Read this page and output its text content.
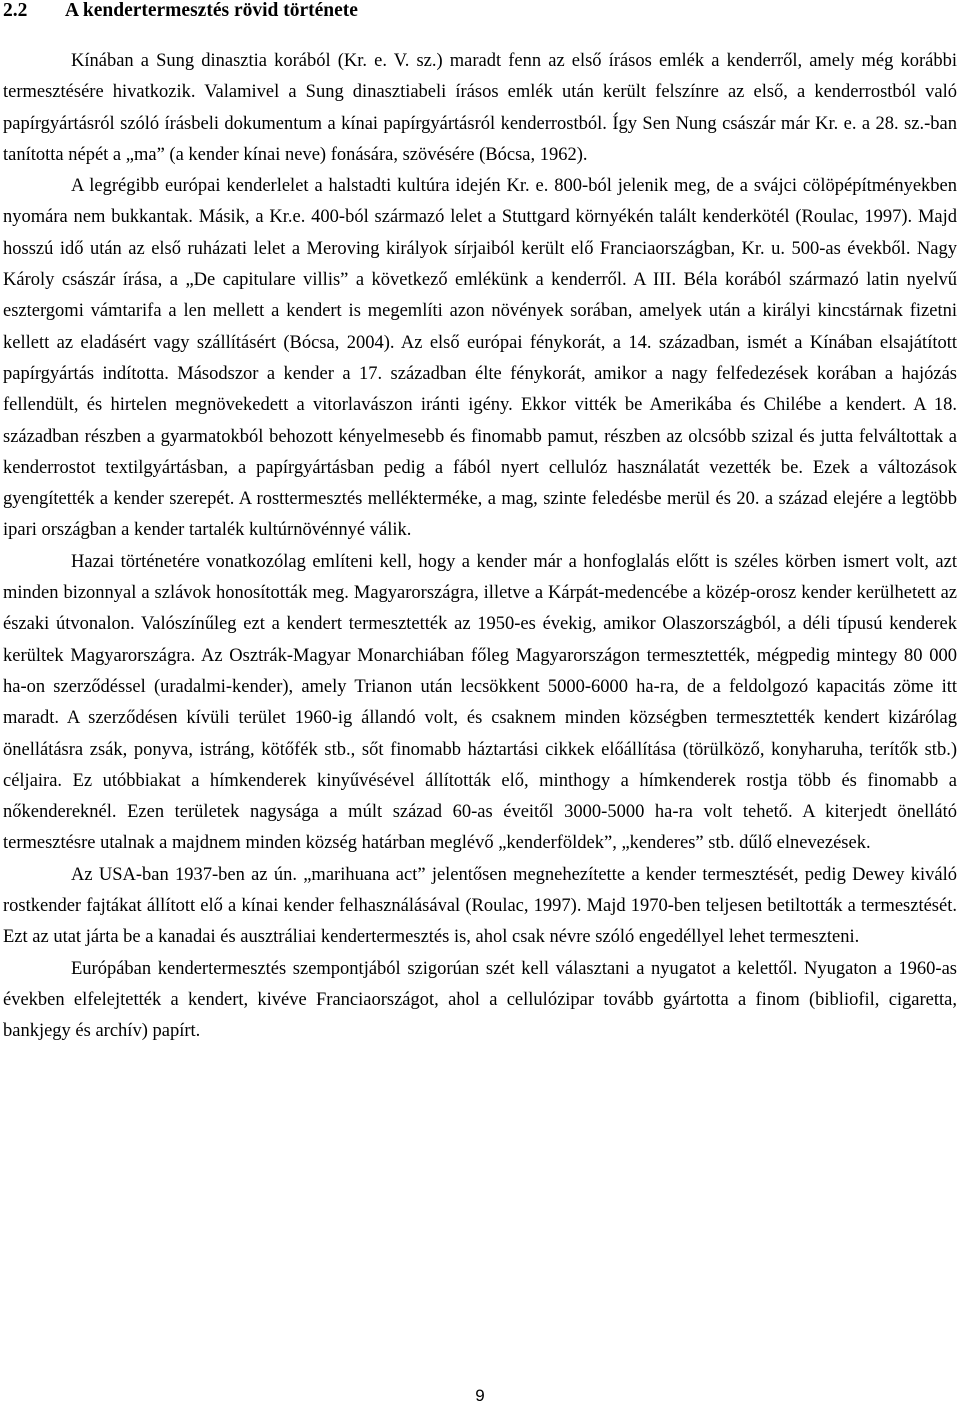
2.2 A kendertermesztés rövid története

Kínában a Sung dinasztia korából (Kr. e. V. sz.) maradt fenn az első írásos emlék a kenderről, amely még korábbi termesztésére hivatkozik. Valamivel a Sung dinasztiabeli írásos emlék után került felszínre az első, a kenderrostból való papírgyártásról szóló írásbeli dokumentum a kínai papírgyártásról kenderrostból. Így Sen Nung császár már Kr. e. a 28. sz.-ban tanította népét a „ma” (a kender kínai neve) fonására, szövésére (Bócsa, 1962).

A legrégibb európai kenderlelet a halstadti kultúra idején Kr. e. 800-ból jelenik meg, de a svájci cölöpépítményekben nyomára nem bukkantak. Másik, a Kr.e. 400-ból származó lelet a Stuttgard környékén talált kenderkötél (Roulac, 1997). Majd hosszú idő után az első ruházati lelet a Meroving királyok sírjaiból került elő Franciaországban, Kr. u. 500-as évekből. Nagy Károly császár írása, a „De capitulare villis” a következő emlékünk a kenderről. A III. Béla korából származó latin nyelvű esztergomi vámtarifa a len mellett a kendert is megemlíti azon növények sorában, amelyek után a királyi kincstárnak fizetni kellett az eladásért vagy szállításért (Bócsa, 2004). Az első európai fénykorát, a 14. században, ismét a Kínában elsajátított papírgyártás indította. Másodszor a kender a 17. században élte fénykorát, amikor a nagy felfedezések korában a hajózás fellendült, és hirtelen megnövekedett a vitorlavászon iránti igény. Ekkor vitték be Amerikába és Chilébe a kendert. A 18. században részben a gyarmatokból behozott kényelmesebb és finomabb pamut, részben az olcsóbb szizal és jutta felváltottak a kenderrostot textilgyártásban, a papírgyártásban pedig a fából nyert cellulóz használatát vezették be. Ezek a változások gyengítették a kender szerepét. A rosttermesztés mellékterméke, a mag, szinte feledésbe merül és 20. a század elejére a legtöbb ipari országban a kender tartalék kultúrnövénnyé válik.

Hazai történetére vonatkozólag említeni kell, hogy a kender már a honfoglalás előtt is széles körben ismert volt, azt minden bizonnyal a szlávok honosították meg. Magyarországra, illetve a Kárpát-medencébe a közép-orosz kender kerülhetett az északi útvonalon. Valószínűleg ezt a kendert termesztették az 1950-es évekig, amikor Olaszországból, a déli típusú kenderek kerültek Magyarországra. Az Osztrák-Magyar Monarchiában főleg Magyarországon termesztették, mégpedig mintegy 80 000 ha-on szerződéssel (uradalmi-kender), amely Trianon után lecsökkent 5000-6000 ha-ra, de a feldolgozó kapacitás zöme itt maradt. A szerződésen kívüli terület 1960-ig állandó volt, és csaknem minden községben termesztették kendert kizárólag önellátásra zsák, ponyva, istráng, kötőfék stb., sőt finomabb háztartási cikkek előállítása (törülköző, konyharuha, terítők stb.) céljaira. Ez utóbbiakat a hímkenderek kinyűvésével állították elő, minthogy a hímkenderek rostja több és finomabb a nőkendereknél. Ezen területek nagysága a múlt század 60-as éveitől 3000-5000 ha-ra volt tehető. A kiterjedt önellátó termesztésre utalnak a majdnem minden község határban meglévő „kenderföldek”, „kenderes” stb. dűlő elnevezések.

Az USA-ban 1937-ben az ún. „marihuana act” jelentősen megnehezítette a kender termesztését, pedig Dewey kiváló rostkender fajtákat állított elő a kínai kender felhasználásával (Roulac, 1997). Majd 1970-ben teljesen betiltották a termesztését. Ezt az utat járta be a kanadai és ausztráliai kendertermesztés is, ahol csak névre szóló engedéllyel lehet termeszteni.

Európában kendertermesztés szempontjából szigorúan szét kell választani a nyugatot a kelettől. Nyugaton a 1960-as években elfelejtették a kendert, kivéve Franciaországot, ahol a cellulózipar tovább gyártotta a finom (bibliofil, cigaretta, bankjegy és archív) papírt.

9
